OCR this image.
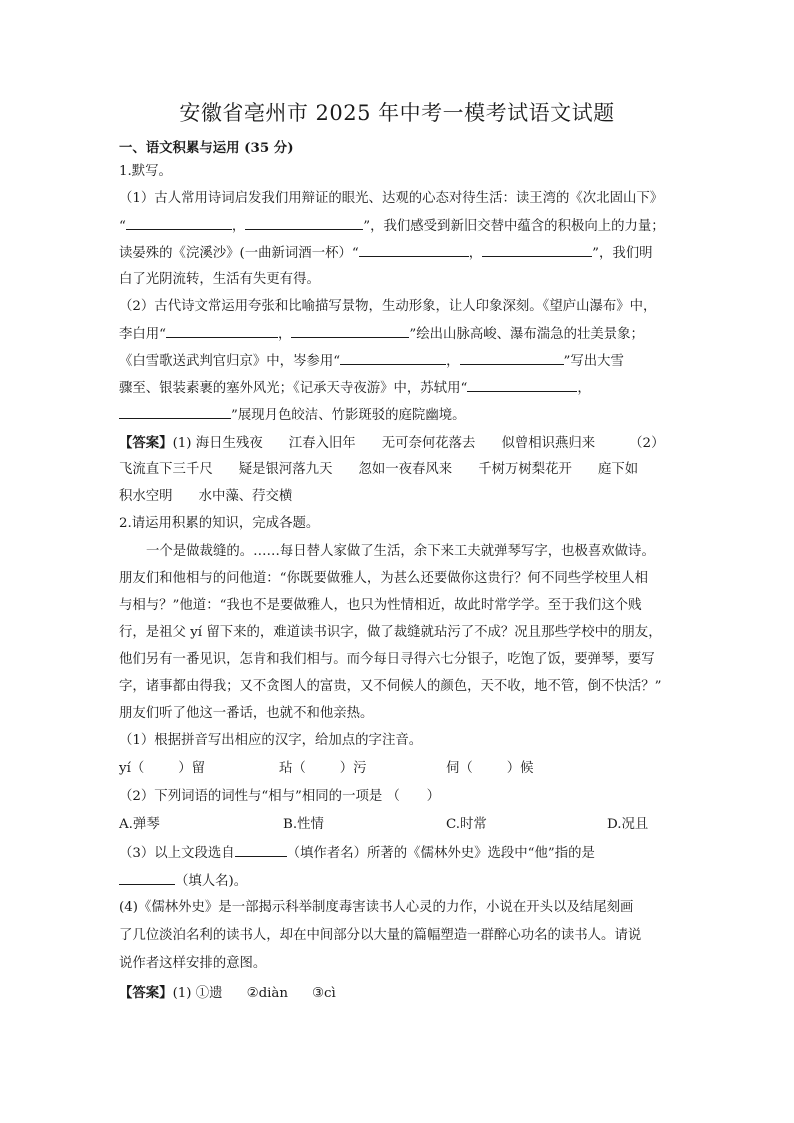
安徽省亳州市 2025 年中考一模考试语文试题
一、语文积累与运用 (35 分)
1.默写。
（1）古人常用诗词启发我们用辩证的眼光、达观的心态对待生活：读王湾的《次北固山下》
“	，	”，我们感受到新旧交替中蕴含的积极向上的力量；
读晏殊的《浣溪沙》(一曲新词酒一杯）“	，	”，我们明
白了光阴流转，生活有失更有得。
（2）古代诗文常运用夸张和比喻描写景物，生动形象，让人印象深刻。《望庐山瀑布》中，
李白用“	，	”绘出山脉高峻、瀑布湍急的壮美景象；
《白雪歌送武判官归京》中，岑参用“	，	”写出大雪
骤至、银装素裹的塞外风光；《记承天寺夜游》中，苏轼用“	，
”展现月色皎洁、竹影斑驳的庭院幽境。
【答案】(1) 海日生残夜 江春入旧年 无可奈何花落去 似曾相识燕归来	（2）
飞流直下三千尺 疑是银河落九天 忽如一夜春风来 千树万树梨花开 庭下如
积水空明 水中藻、荇交横
2.请运用积累的知识，完成各题。
一个是做裁缝的。……每日替人家做了生活，余下来工夫就弹琴写字，也极喜欢做诗。
朋友们和他相与的问他道：“你既要做雅人，为甚么还要做你这贵行？何不同些学校里人相
与相与？”他道：“我也不是要做雅人，也只为性情相近，故此时常学学。至于我们这个贱
行，是祖父 yí 留下来的，难道读书识字，做了裁缝就玷污了不成？况且那些学校中的朋友，
他们另有一番见识，怎肯和我们相与。而今每日寻得六七分银子，吃饱了饭，要弹琴，要写
字，诸事都由得我；又不贪图人的富贵，又不伺候人的颜色，天不收，地不管，倒不快活？”
朋友们听了他这一番话，也就不和他亲热。
（1）根据拼音写出相应的汉字，给加点的字注音。
yí（	）留	玷（	）污	伺（	）候
（2）下列词语的词性与“相与”相同的一项是 （　　）
A.弹琴	B.性情	C.时常	D.况且
（3）以上文段选自	（填作者名）所著的《儒林外史》选段中“他”指的是
（填人名)。
(4)《儒林外史》是一部揭示科举制度毒害读书人心灵的力作，小说在开头以及结尾刻画
了几位淡泊名利的读书人，却在中间部分以大量的篇幅塑造一群醉心功名的读书人。请说
说作者这样安排的意图。
【答案】(1) ①遗 ②diàn ③cì
